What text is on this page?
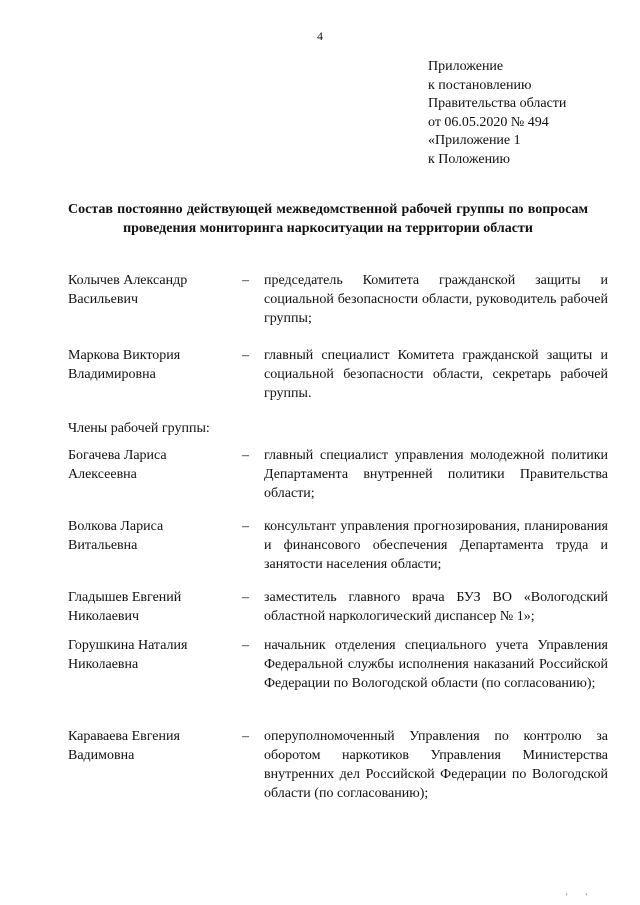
4
Приложение
к постановлению
Правительства области
от 06.05.2020 № 494
«Приложение 1
к Положению
Состав постоянно действующей межведомственной рабочей группы по вопросам проведения мониторинга наркоситуации на территории области
Колычев Александр Васильевич
– председатель Комитета гражданской защиты и социальной безопасности области, руководитель рабочей группы;
Маркова Виктория Владимировна
– главный специалист Комитета гражданской защиты и социальной безопасности области, секретарь рабочей группы.
Члены рабочей группы:
Богачева Лариса Алексеевна
– главный специалист управления молодежной политики Департамента внутренней политики Правительства области;
Волкова Лариса Витальевна
– консультант управления прогнозирования, планирования и финансового обеспечения Департамента труда и занятости населения области;
Гладышев Евгений Николаевич
– заместитель главного врача БУЗ ВО «Вологодский областной наркологический диспансер № 1»;
Горушкина Наталия Николаевна
– начальник отделения специального учета Управления Федеральной службы исполнения наказаний Российской Федерации по Вологодской области (по согласованию);
Караваева Евгения Вадимовна
– оперуполномоченный Управления по контролю за оборотом наркотиков Управления Министерства внутренних дел Российской Федерации по Вологодской области (по согласованию);
' '
